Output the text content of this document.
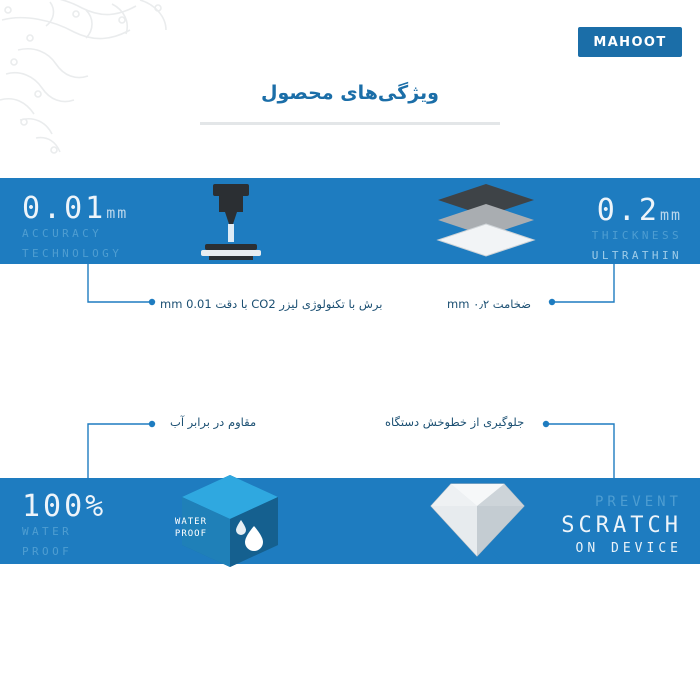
MAHOOT
ویژگی‌های محصول
0.01mm
ACCURACY
TECHNOLOGY
0.2mm
THICKNESS
ULTRATHIN
برش با تکنولوژی لیزر CO2 با دقت 0.01 mm	ضخامت ۰٫۲ mm
مقاوم در برابر آب	جلوگیری از خطوخش دستگاه
100%
WATER
PROOF
WATER
PROOF
PREVENT
SCRATCH
ON DEVICE
